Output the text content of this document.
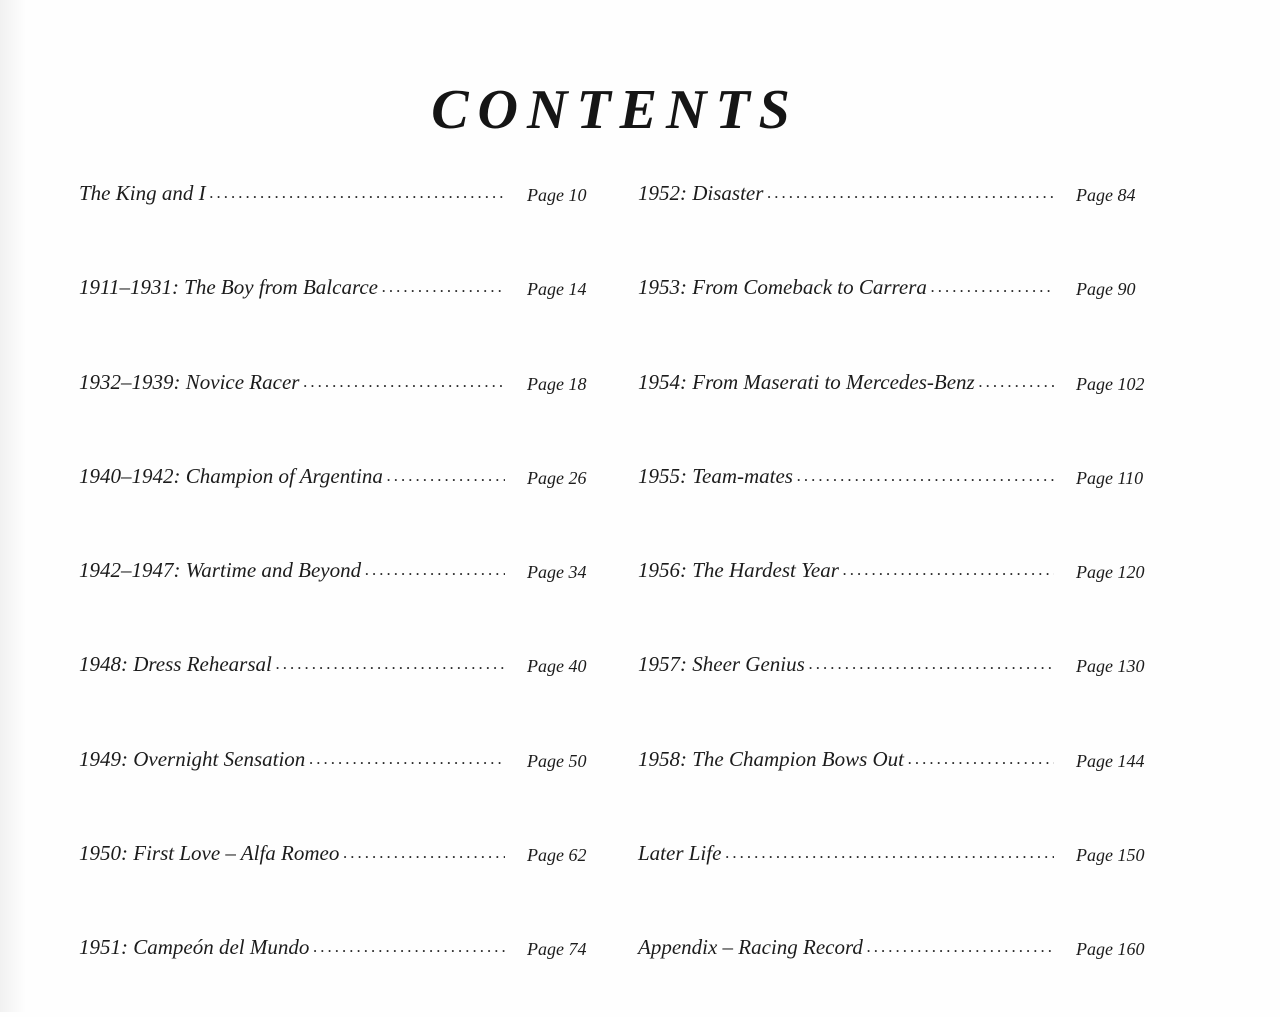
CONTENTS
The King and I .....	Page 10
1911–1931: The Boy from Balcarce .....	Page 14
1932–1939: Novice Racer .....	Page 18
1940–1942: Champion of Argentina .....	Page 26
1942–1947: Wartime and Beyond .....	Page 34
1948: Dress Rehearsal .....	Page 40
1949: Overnight Sensation .....	Page 50
1950: First Love – Alfa Romeo .....	Page 62
1951: Campeón del Mundo .....	Page 74
1952: Disaster .....	Page 84
1953: From Comeback to Carrera .....	Page 90
1954: From Maserati to Mercedes-Benz .....	Page 102
1955: Team-mates .....	Page 110
1956: The Hardest Year .....	Page 120
1957: Sheer Genius .....	Page 130
1958: The Champion Bows Out .....	Page 144
Later Life .....	Page 150
Appendix – Racing Record .....	Page 160
